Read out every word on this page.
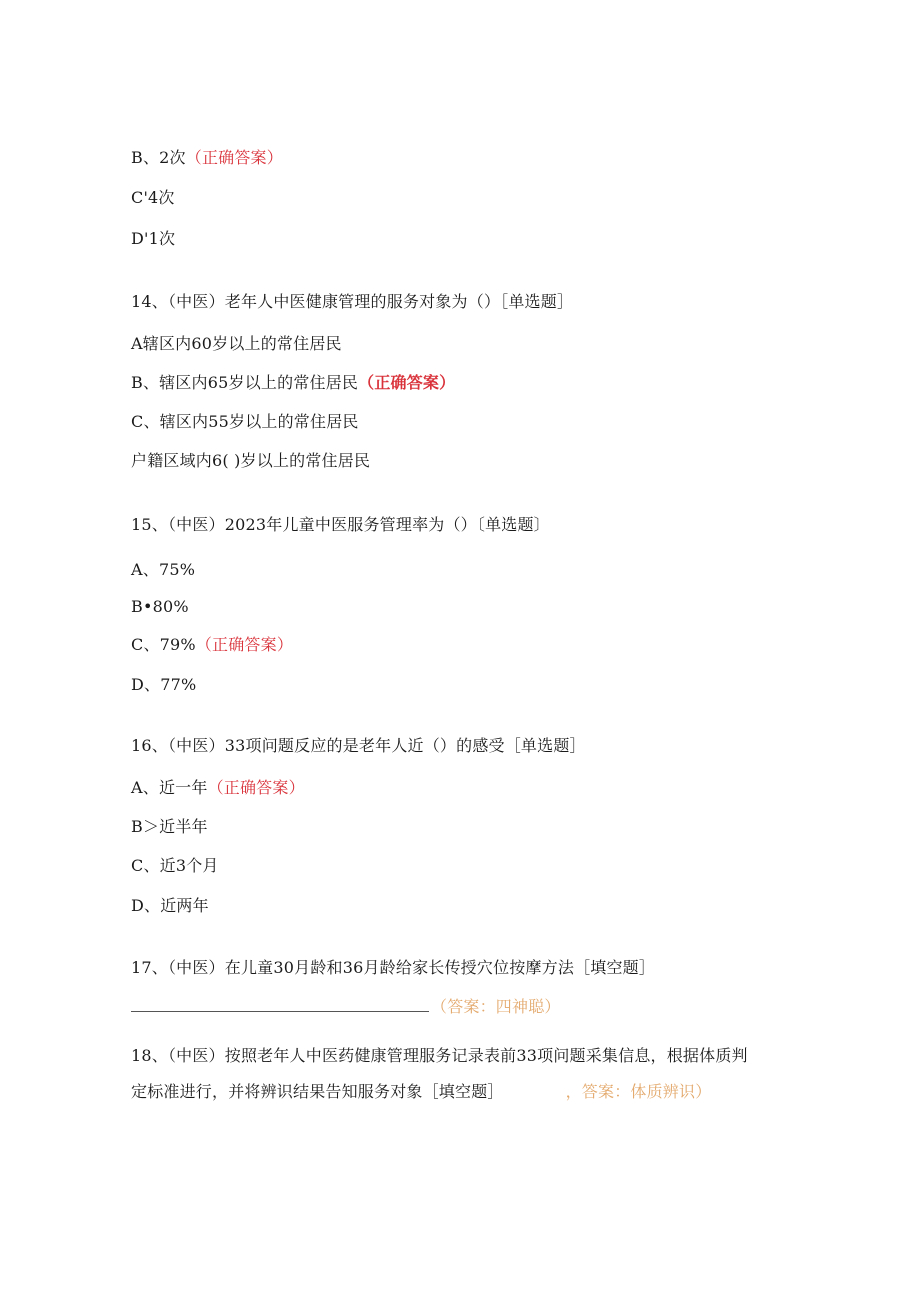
B、2次（正确答案）
C'4次
D'1次
14、（中医）老年人中医健康管理的服务对象为（）［单选题］
A辖区内60岁以上的常住居民
B、辖区内65岁以上的常住居民（正确答案）
C、辖区内55岁以上的常住居民
户籍区域内6( )岁以上的常住居民
15、（中医）2023年儿童中医服务管理率为（）〔单选题〕
A、75%
B•80%
C、79%（正确答案）
D、77%
16、（中医）33项问题反应的是老年人近（）的感受［单选题］
A、近一年（正确答案）
B＞近半年
C、近3个月
D、近两年
17、（中医）在儿童30月龄和36月龄给家长传授穴位按摩方法［填空题］
（答案：四神聪）
18、（中医）按照老年人中医药健康管理服务记录表前33项问题采集信息，根据体质判
定标准进行，并将辨识结果告知服务对象［填空题］	，答案：体质辨识）
